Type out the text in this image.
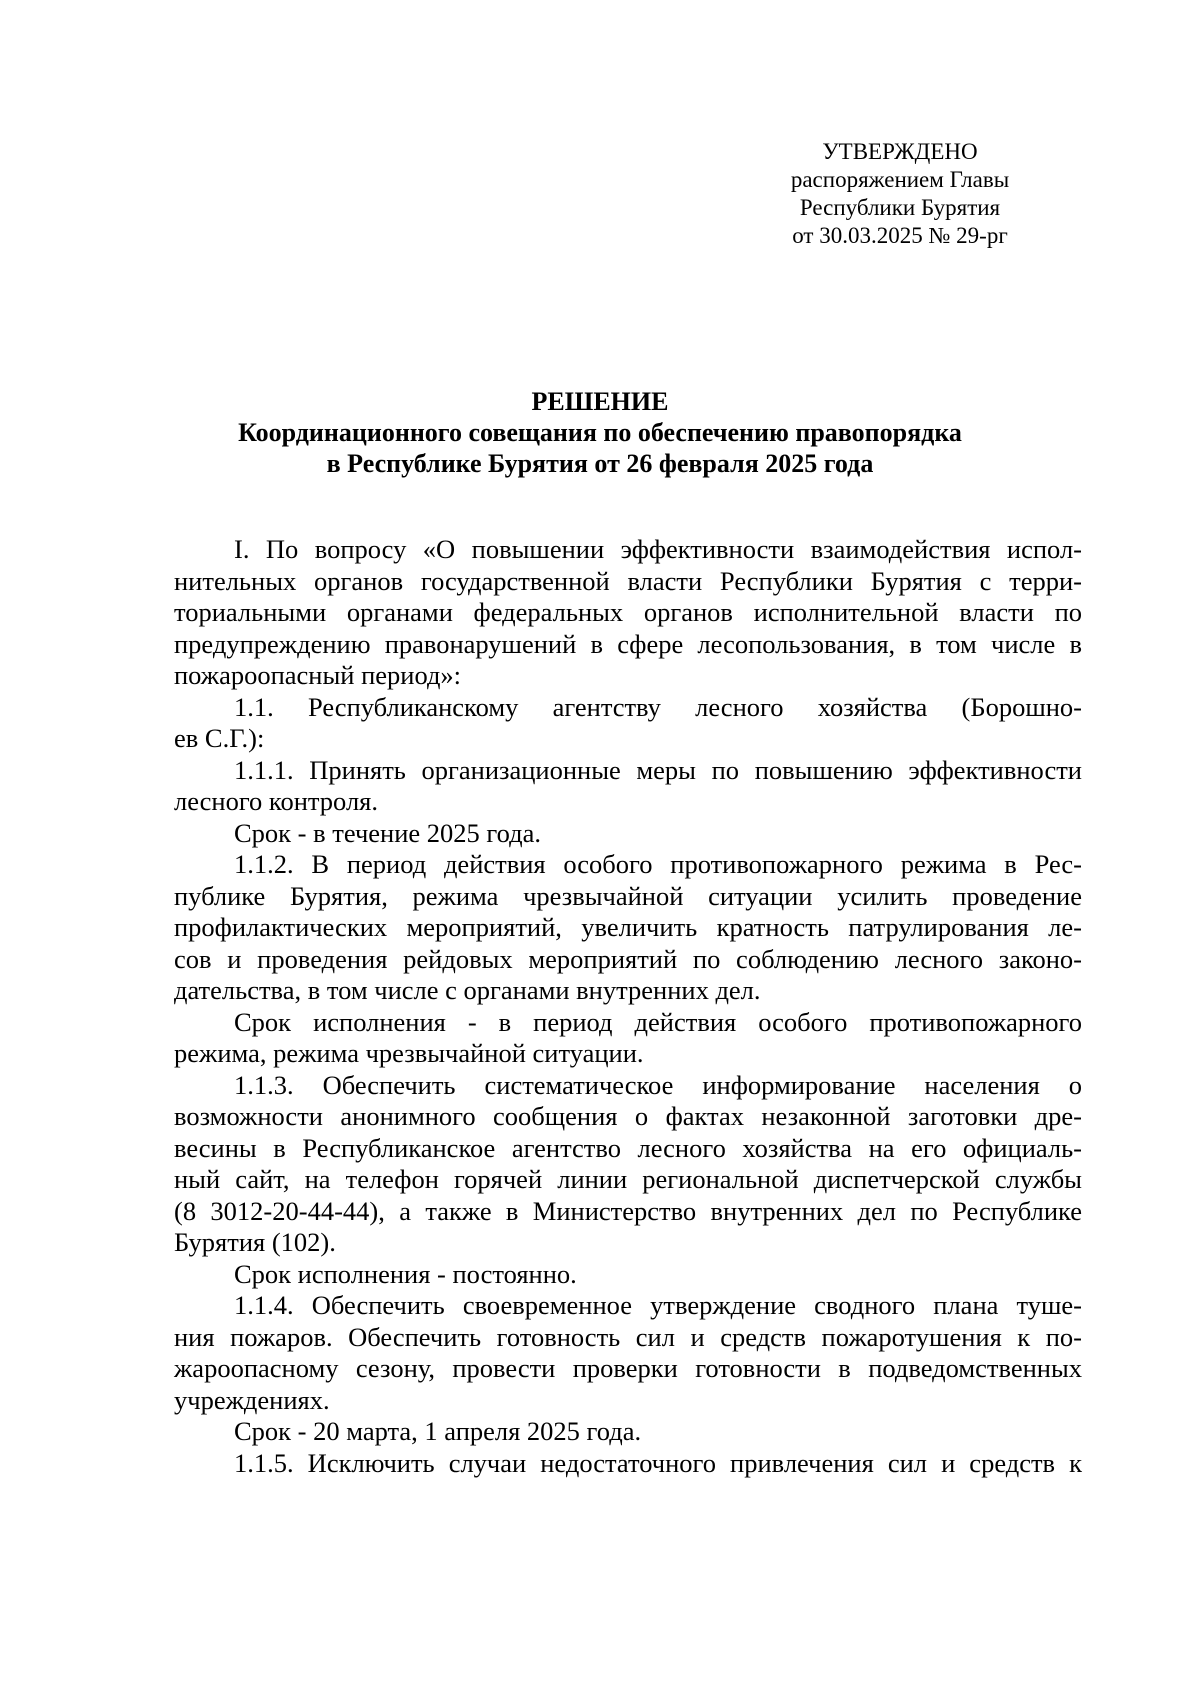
УТВЕРЖДЕНО
распоряжением Главы
Республики Бурятия
от 30.03.2025 № 29-рг
РЕШЕНИЕ
Координационного совещания по обеспечению правопорядка
в Республике Бурятия от 26 февраля 2025 года
I. По вопросу «О повышении эффективности взаимодействия испол-
нительных органов государственной власти Республики Бурятия с терри-
ториальными органами федеральных органов исполнительной власти по
предупреждению правонарушений в сфере лесопользования, в том числе в
пожароопасный период»:
1.1. Республиканскому агентству лесного хозяйства (Борошно-
ев С.Г.):
1.1.1. Принять организационные меры по повышению эффективности
лесного контроля.
Срок - в течение 2025 года.
1.1.2. В период действия особого противопожарного режима в Рес-
публике Бурятия, режима чрезвычайной ситуации усилить проведение
профилактических мероприятий, увеличить кратность патрулирования ле-
сов и проведения рейдовых мероприятий по соблюдению лесного законо-
дательства, в том числе с органами внутренних дел.
Срок исполнения - в период действия особого противопожарного
режима, режима чрезвычайной ситуации.
1.1.3. Обеспечить систематическое информирование населения о
возможности анонимного сообщения о фактах незаконной заготовки дре-
весины в Республиканское агентство лесного хозяйства на его официаль-
ный сайт, на телефон горячей линии региональной диспетчерской службы
(8 3012-20-44-44), а также в Министерство внутренних дел по Республике
Бурятия (102).
Срок исполнения - постоянно.
1.1.4. Обеспечить своевременное утверждение сводного плана туше-
ния пожаров. Обеспечить готовность сил и средств пожаротушения к по-
жароопасному сезону, провести проверки готовности в подведомственных
учреждениях.
Срок - 20 марта, 1 апреля 2025 года.
1.1.5. Исключить случаи недостаточного привлечения сил и средств к
